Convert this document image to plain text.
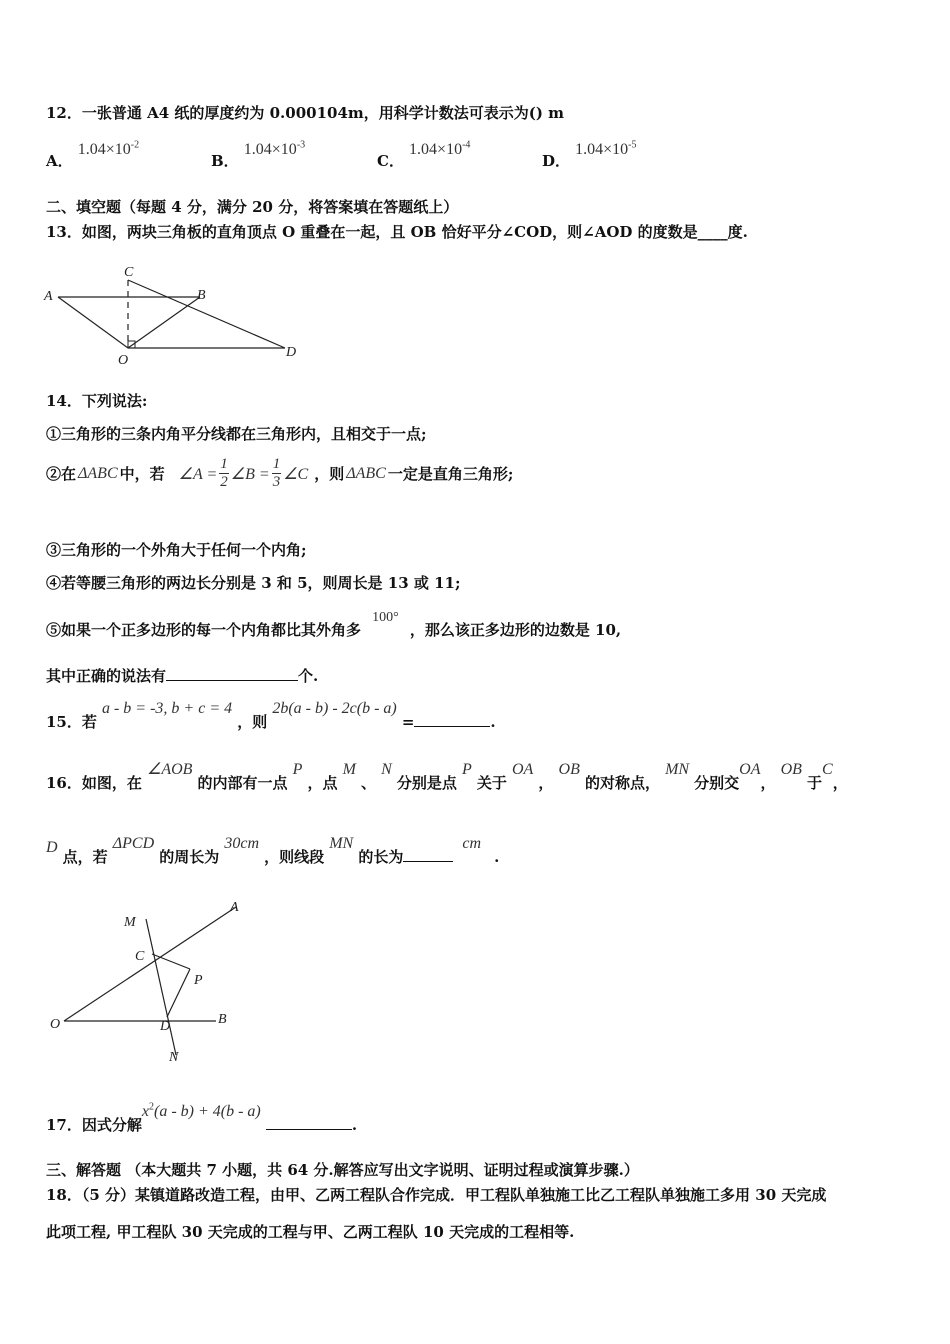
12．一张普通 A4 纸的厚度约为 0.000104m，用科学计数法可表示为() m
A． $1.04\times 10^{-2}$
B． $1.04\times 10^{-3}$
C． $1.04\times 10^{-4}$
D． $1.04\times 10^{-5}$
二、填空题（每题 4 分，满分 20 分，将答案填在答题纸上）
13．如图，两块三角板的直角顶点 O 重叠在一起，且 OB 恰好平分∠COD，则∠AOD 的度数是____度.
C
A	B
O
D
14．下列说法:
①三角形的三条内角平分线都在三角形内，且相交于一点;
②在 ΔABC 中，若 ∠A = $\frac{1}{2}$ ∠B = $\frac{1}{3}$ ∠C ，则 ΔABC 一定是直角三角形;
③三角形的一个外角大于任何一个内角;
④若等腰三角形的两边长分别是 3 和 5，则周长是 13 或 11;
⑤如果一个正多边形的每一个内角都比其外角多 100° ，那么该正多边形的边数是 10,
其中正确的说法有	个.
15．若 a - b = -3, b + c = 4 ，则 2b(a - b) - 2c(b - a) =	.
16．如图，在 ∠AOB 的内部有一点 P ，点 M 、 N 分别是点 P 关于 OA ， OB 的对称点， MN 分别交OA， OB 于C，
D 点，若 ΔPCD 的周长为 30cm ，则线段 MN 的长为 cm .
M
A
C
P
O	D	B
N
17．因式分解$x^2(a - b) + 4(b - a)$ .
三、解答题 （本大题共 7 小题，共 64 分.解答应写出文字说明、证明过程或演算步骤.）
18．（5 分）某镇道路改造工程，由甲、乙两工程队合作完成．甲工程队单独施工比乙工程队单独施工多用 30 天完成
此项工程, 甲工程队 30 天完成的工程与甲、乙两工程队 10 天完成的工程相等.
